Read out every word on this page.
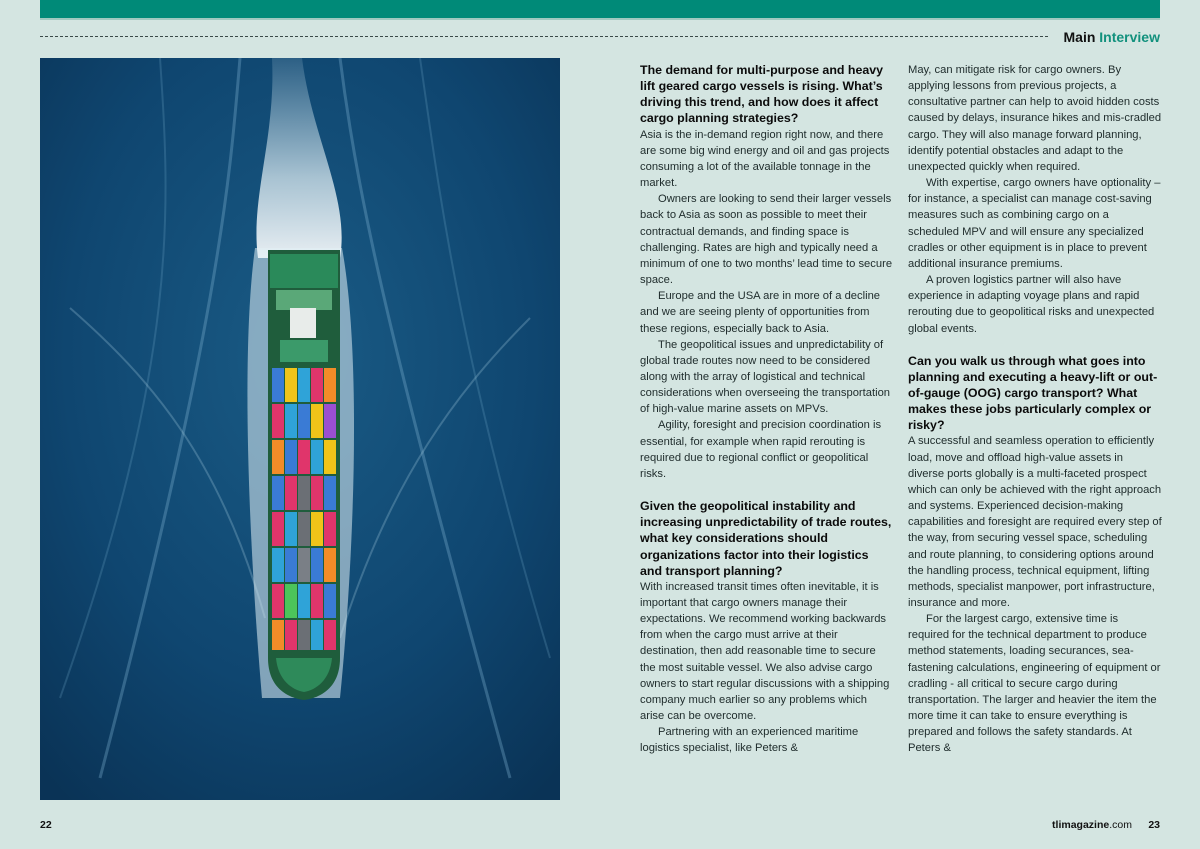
Main Interview
The demand for multi-purpose and heavy lift geared cargo vessels is rising. What’s driving this trend, and how does it affect cargo planning strategies?

Asia is the in-demand region right now, and there are some big wind energy and oil and gas projects consuming a lot of the available tonnage in the market.

Owners are looking to send their larger vessels back to Asia as soon as possible to meet their contractual demands, and finding space is challenging. Rates are high and typically need a minimum of one to two months’ lead time to secure space.

Europe and the USA are in more of a decline and we are seeing plenty of opportunities from these regions, especially back to Asia.

The geopolitical issues and unpredictability of global trade routes now need to be considered along with the array of logistical and technical considerations when overseeing the transportation of high-value marine assets on MPVs.

Agility, foresight and precision coordination is essential, for example when rapid rerouting is required due to regional conflict or geopolitical risks.

Given the geopolitical instability and increasing unpredictability of trade routes, what key considerations should organizations factor into their logistics and transport planning?

With increased transit times often inevitable, it is important that cargo owners manage their expectations. We recommend working backwards from when the cargo must arrive at their destination, then add reasonable time to secure the most suitable vessel. We also advise cargo owners to start regular discussions with a shipping company much earlier so any problems which arise can be overcome.

Partnering with an experienced maritime logistics specialist, like Peters &

May, can mitigate risk for cargo owners. By applying lessons from previous projects, a consultative partner can help to avoid hidden costs caused by delays, insurance hikes and mis-cradled cargo. They will also manage forward planning, identify potential obstacles and adapt to the unexpected quickly when required.

With expertise, cargo owners have optionality – for instance, a specialist can manage cost-saving measures such as combining cargo on a scheduled MPV and will ensure any specialized cradles or other equipment is in place to prevent additional insurance premiums.

A proven logistics partner will also have experience in adapting voyage plans and rapid rerouting due to geopolitical risks and unexpected global events.

Can you walk us through what goes into planning and executing a heavy-lift or out-of-gauge (OOG) cargo transport? What makes these jobs particularly complex or risky?

A successful and seamless operation to efficiently load, move and offload high-value assets in diverse ports globally is a multi-faceted prospect which can only be achieved with the right approach and systems. Experienced decision-making capabilities and foresight are required every step of the way, from securing vessel space, scheduling and route planning, to considering options around the handling process, technical equipment, lifting methods, specialist manpower, port infrastructure, insurance and more.

For the largest cargo, extensive time is required for the technical department to produce method statements, loading securances, sea-fastening calculations, engineering of equipment or cradling - all critical to secure cargo during transportation. The larger and heavier the item the more time it can take to ensure everything is prepared and follows the safety standards. At Peters &

22	tlimagazine.com 23
